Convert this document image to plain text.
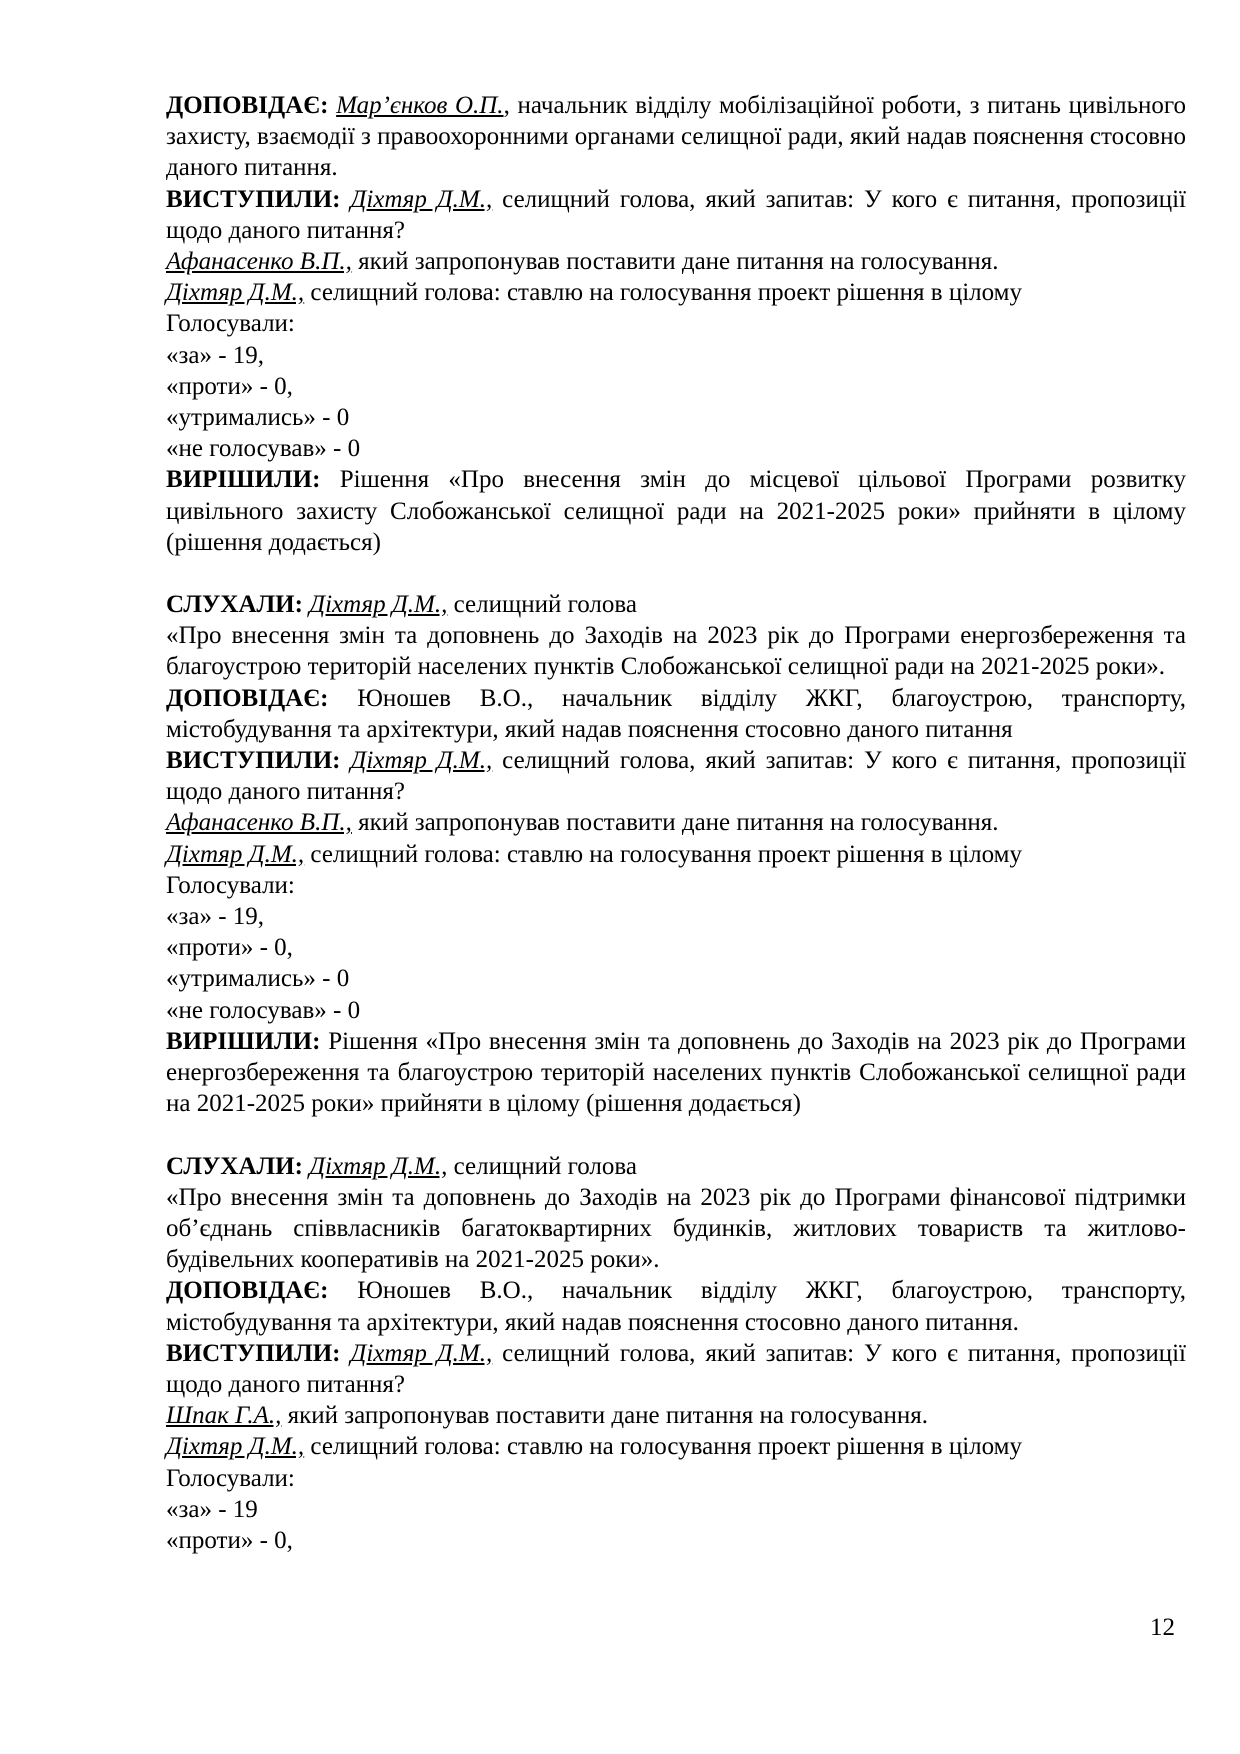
ДОПОВІДАЄ: Мар’єнков О.П., начальник відділу мобілізаційної роботи, з питань цивільного захисту, взаємодії з правоохоронними органами селищної ради, який надав пояснення стосовно даного питання.

ВИСТУПИЛИ: Діхтяр Д.М., селищний голова, який запитав: У кого є питання, пропозиції щодо даного питання?

Афанасенко В.П., який запропонував поставити дане питання на голосування.

Діхтяр Д.М., селищний голова: ставлю на голосування проект рішення в цілому

Голосували:

«за» - 19,

«проти» - 0,

«утримались» - 0

«не голосував» - 0

ВИРІШИЛИ: Рішення «Про внесення змін до місцевої цільової Програми розвитку цивільного захисту Слобожанської селищної ради на 2021-2025 роки» прийняти в цілому (рішення додається)

СЛУХАЛИ: Діхтяр Д.М., селищний голова

«Про внесення змін та доповнень до Заходів на 2023 рік до Програми енергозбереження та благоустрою територій населених пунктів Слобожанської селищної ради на 2021-2025 роки».

ДОПОВІДАЄ: Юношев В.О., начальник відділу ЖКГ, благоустрою, транспорту, містобудування та архітектури, який надав пояснення стосовно даного питання

ВИСТУПИЛИ: Діхтяр Д.М., селищний голова, який запитав: У кого є питання, пропозиції щодо даного питання?

Афанасенко В.П., який запропонував поставити дане питання на голосування.

Діхтяр Д.М., селищний голова: ставлю на голосування проект рішення в цілому

Голосували:

«за» - 19,

«проти» - 0,

«утримались» - 0

«не голосував» - 0

ВИРІШИЛИ: Рішення «Про внесення змін та доповнень до Заходів на 2023 рік до Програми енергозбереження та благоустрою територій населених пунктів Слобожанської селищної ради на 2021-2025 роки» прийняти в цілому (рішення додається)

СЛУХАЛИ: Діхтяр Д.М., селищний голова

«Про внесення змін та доповнень до Заходів на 2023 рік до Програми фінансової підтримки об’єднань співвласників багатоквартирних будинків, житлових товариств та житлово-будівельних кооперативів на 2021-2025 роки».

ДОПОВІДАЄ: Юношев В.О., начальник відділу ЖКГ, благоустрою, транспорту, містобудування та архітектури, який надав пояснення стосовно даного питання.

ВИСТУПИЛИ: Діхтяр Д.М., селищний голова, який запитав: У кого є питання, пропозиції щодо даного питання?

Шпак Г.А., який запропонував поставити дане питання на голосування.

Діхтяр Д.М., селищний голова: ставлю на голосування проект рішення в цілому

Голосували:

«за» - 19

«проти» - 0,

12
